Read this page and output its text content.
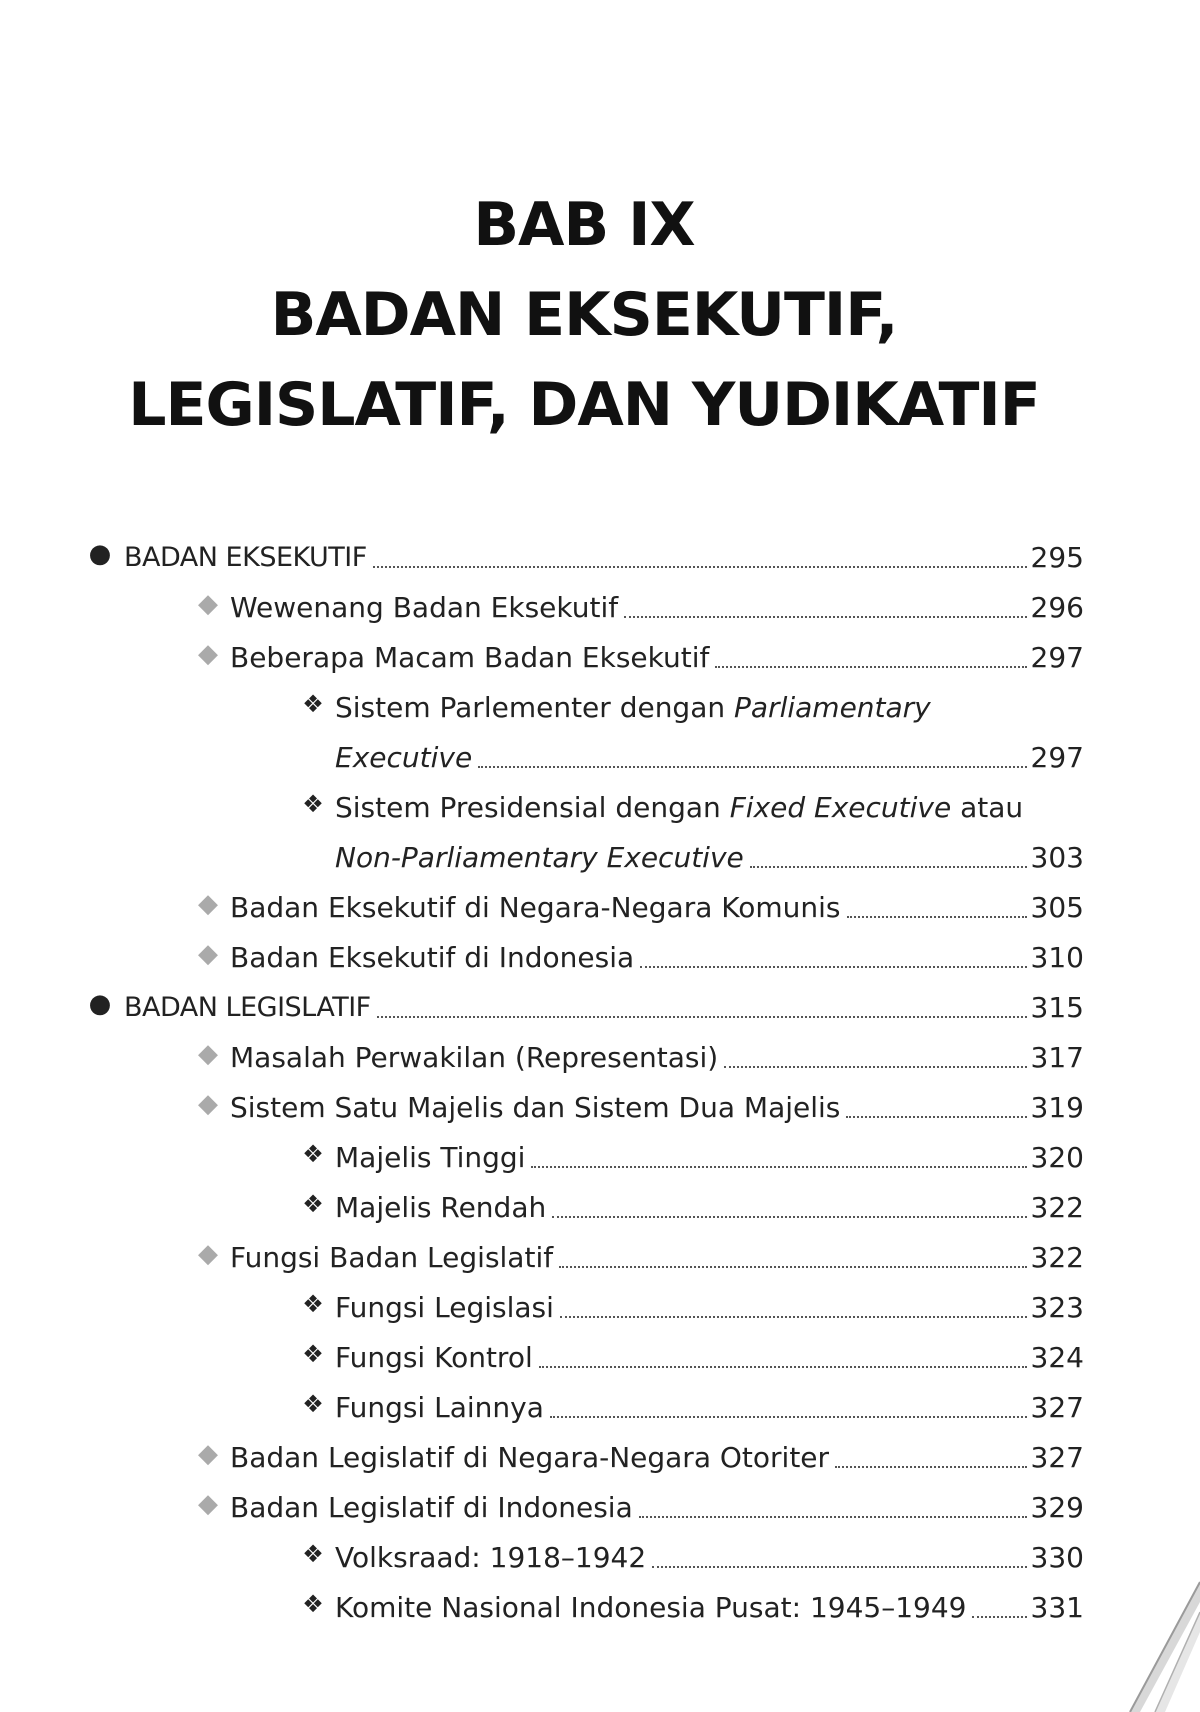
BAB IX
BADAN EKSEKUTIF,
LEGISLATIF, DAN YUDIKATIF
● BADAN EKSEKUTIF	295
◆ Wewenang Badan Eksekutif	296
◆ Beberapa Macam Badan Eksekutif	297
❖ Sistem Parlementer dengan Parliamentary
Executive	297
❖ Sistem Presidensial dengan Fixed Executive atau
Non-Parliamentary Executive	303
◆ Badan Eksekutif di Negara-Negara Komunis	305
◆ Badan Eksekutif di Indonesia	310
● BADAN LEGISLATIF	315
◆ Masalah Perwakilan (Representasi)	317
◆ Sistem Satu Majelis dan Sistem Dua Majelis	319
❖ Majelis Tinggi	320
❖ Majelis Rendah	322
◆ Fungsi Badan Legislatif	322
❖ Fungsi Legislasi	323
❖ Fungsi Kontrol	324
❖ Fungsi Lainnya	327
◆ Badan Legislatif di Negara-Negara Otoriter	327
◆ Badan Legislatif di Indonesia	329
❖ Volksraad: 1918–1942	330
❖ Komite Nasional Indonesia Pusat: 1945–1949 331
